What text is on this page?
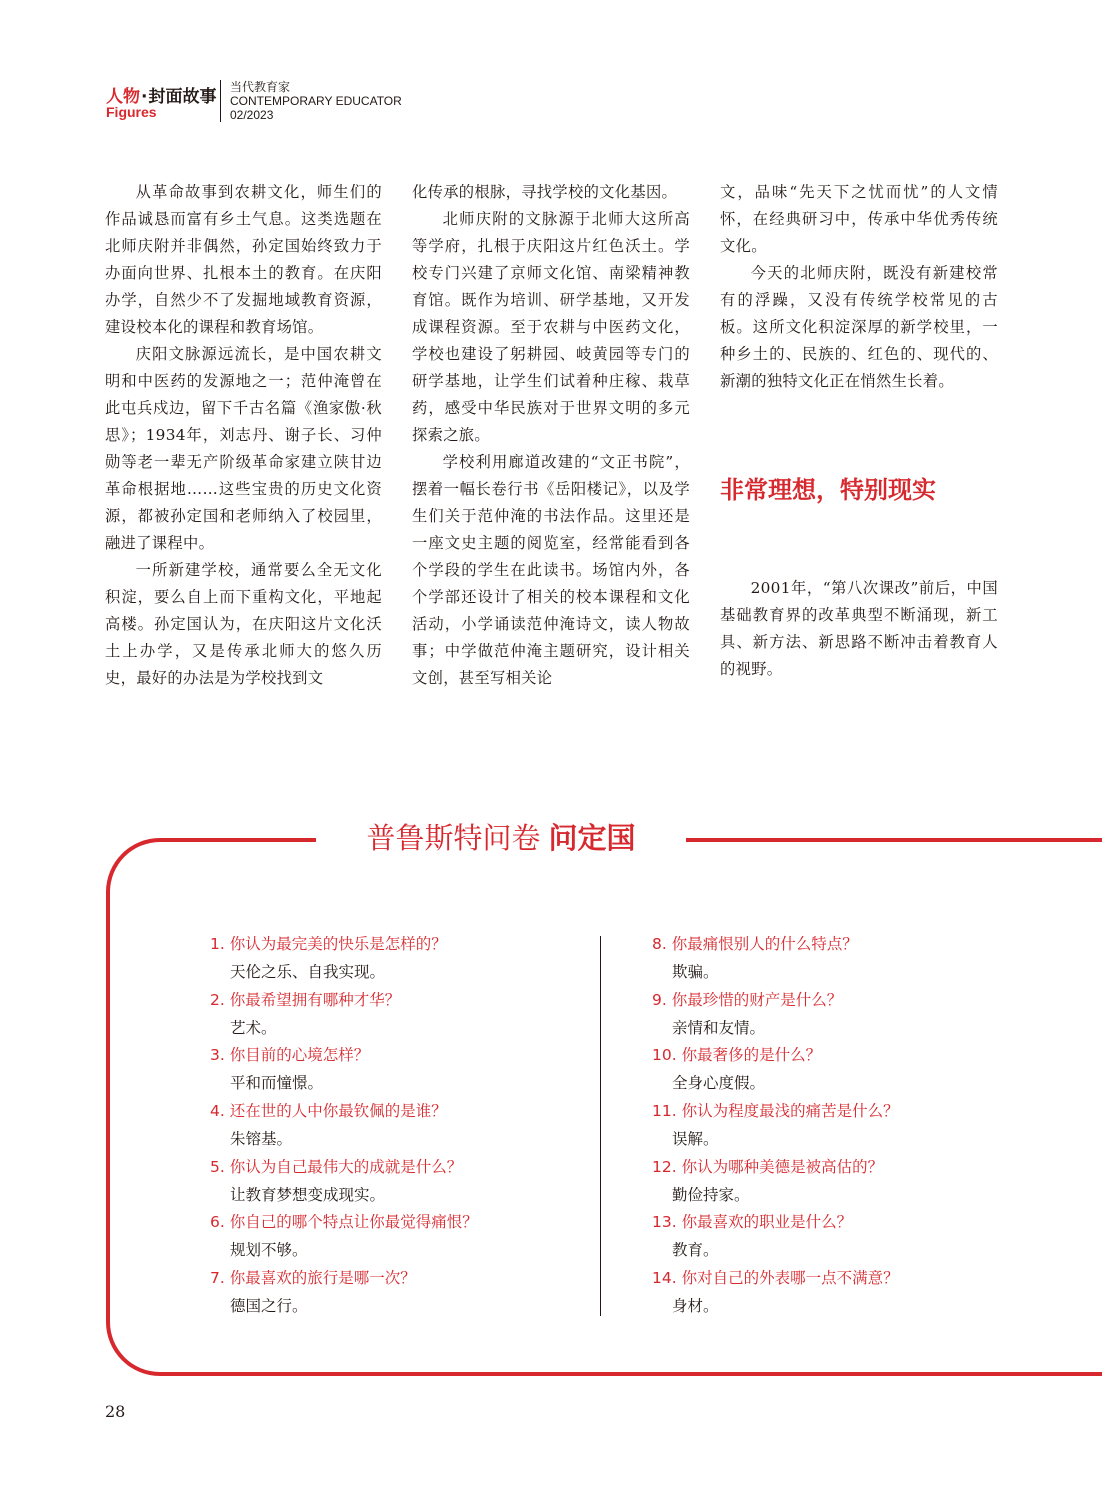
人物·封面故事
Figures
当代教育家
CONTEMPORARY EDUCATOR
02/2023

从革命故事到农耕文化，师生们的作品诚恳而富有乡土气息。这类选题在北师庆附并非偶然，孙定国始终致力于办面向世界、扎根本土的教育。在庆阳办学，自然少不了发掘地域教育资源，建设校本化的课程和教育场馆。

庆阳文脉源远流长，是中国农耕文明和中医药的发源地之一；范仲淹曾在此屯兵戍边，留下千古名篇《渔家傲·秋思》；1934年，刘志丹、谢子长、习仲勋等老一辈无产阶级革命家建立陕甘边革命根据地……这些宝贵的历史文化资源，都被孙定国和老师纳入了校园里，融进了课程中。

一所新建学校，通常要么全无文化积淀，要么自上而下重构文化，平地起高楼。孙定国认为，在庆阳这片文化沃土上办学，又是传承北师大的悠久历史，最好的办法是为学校找到文

化传承的根脉，寻找学校的文化基因。

北师庆附的文脉源于北师大这所高等学府，扎根于庆阳这片红色沃土。学校专门兴建了京师文化馆、南梁精神教育馆。既作为培训、研学基地，又开发成课程资源。至于农耕与中医药文化，学校也建设了躬耕园、岐黄园等专门的研学基地，让学生们试着种庄稼、栽草药，感受中华民族对于世界文明的多元探索之旅。

学校利用廊道改建的“文正书院”，摆着一幅长卷行书《岳阳楼记》，以及学生们关于范仲淹的书法作品。这里还是一座文史主题的阅览室，经常能看到各个学段的学生在此读书。场馆内外，各个学部还设计了相关的校本课程和文化活动，小学诵读范仲淹诗文，读人物故事；中学做范仲淹主题研究，设计相关文创，甚至写相关论

文，品味“先天下之忧而忧”的人文情怀，在经典研习中，传承中华优秀传统文化。

今天的北师庆附，既没有新建校常有的浮躁，又没有传统学校常见的古板。这所文化积淀深厚的新学校里，一种乡土的、民族的、红色的、现代的、新潮的独特文化正在悄然生长着。

非常理想，特别现实

2001年，“第八次课改”前后，中国基础教育界的改革典型不断涌现，新工具、新方法、新思路不断冲击着教育人的视野。

普鲁斯特问卷 问定国
1. 你认为最完美的快乐是怎样的？
天伦之乐、自我实现。
2. 你最希望拥有哪种才华？
艺术。
3. 你目前的心境怎样？
平和而憧憬。
4. 还在世的人中你最钦佩的是谁？
朱镕基。
5. 你认为自己最伟大的成就是什么？
让教育梦想变成现实。
6. 你自己的哪个特点让你最觉得痛恨？
规划不够。
7. 你最喜欢的旅行是哪一次？
德国之行。
8. 你最痛恨别人的什么特点？
欺骗。
9. 你最珍惜的财产是什么？
亲情和友情。
10. 你最奢侈的是什么？
全身心度假。
11. 你认为程度最浅的痛苦是什么？
误解。
12. 你认为哪种美德是被高估的？
勤俭持家。
13. 你最喜欢的职业是什么？
教育。
14. 你对自己的外表哪一点不满意？
身材。
28
